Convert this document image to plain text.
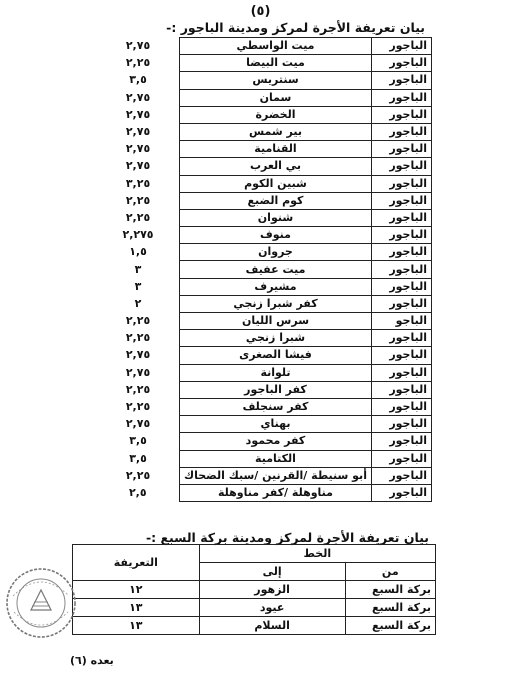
(٥)
بيان تعريفة الأجرة لمركز ومدينة الباجور :-
الباجور	ميت الواسطي	٢,٧٥
الباجور	ميت البيضا	٢,٢٥
الباجور	سنتريس	٣,٥
الباجور	سمان	٢,٧٥
الباجور	الخضرة	٢,٧٥
الباجور	بير شمس	٢,٧٥
الباجور	القنامية	٢,٧٥
الباجور	بي العرب	٢,٧٥
الباجور	شبين الكوم	٣,٢٥
الباجور	كوم الضبع	٢,٢٥
الباجور	شنوان	٢,٢٥
الباجور	منوف	٢,٢٧٥
الباجور	جروان	١,٥
الباجور	ميت عفيف	٣
الباجور	مشيرف	٣
الباجور	كفر شبرا زنجي	٢
الباجو	سرس الليان	٢,٢٥
الباجور	شبرا زنجي	٢,٢٥
الباجور	فيشا الصغرى	٢,٧٥
الباجور	تلوانة	٢,٧٥
الباجور	كفر الباجور	٢,٢٥
الباجور	كفر سنجلف	٢,٢٥
الباجور	بهناي	٢,٧٥
الباجور	كفر محمود	٣,٥
الباجور	الكتامية	٣,٥
الباجور	أبو سنيطة /القرنين /سبك الضحاك	٢,٢٥
الباجور	مناوهلة /كفر مناوهلة	٢,٥
بيان تعريفة الأجرة لمركز ومدينة بركة السبع :-
الخط		التعريفة
من	إلى	
بركة السبع	الزهور	١٢
بركة السبع	عيود	١٣
بركة السبع	السلام	١٣
بعده (٦)
